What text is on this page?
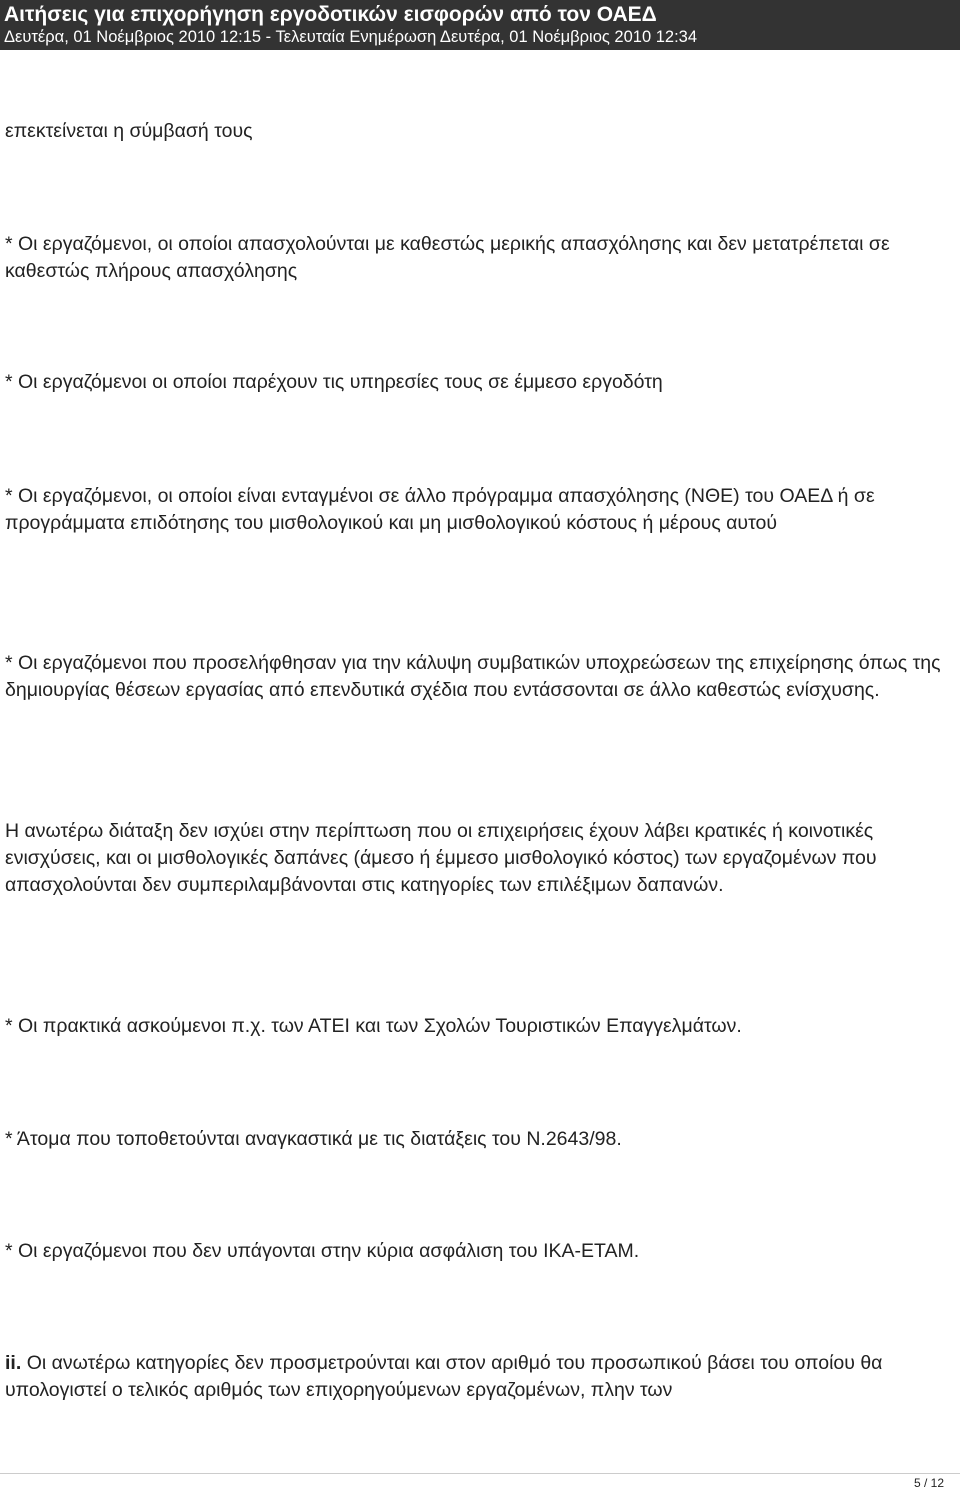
Αιτήσεις για επιχορήγηση εργοδοτικών εισφορών από τον ΟΑΕΔ
Δευτέρα, 01 Νοέμβριος 2010 12:15 - Τελευταία Ενημέρωση Δευτέρα, 01 Νοέμβριος 2010 12:34

επεκτείνεται η σύμβασή τους

* Οι εργαζόμενοι, οι οποίοι απασχολούνται με καθεστώς μερικής απασχόλησης και δεν μετατρέπεται σε καθεστώς πλήρους απασχόλησης

* Οι εργαζόμενοι οι οποίοι παρέχουν τις υπηρεσίες τους σε έμμεσο εργοδότη

* Οι εργαζόμενοι, οι οποίοι είναι ενταγμένοι σε άλλο πρόγραμμα απασχόλησης (ΝΘΕ) του ΟΑΕΔ ή σε προγράμματα επιδότησης του μισθολογικού και μη μισθολογικού κόστους ή μέρους αυτού

* Οι εργαζόμενοι που προσελήφθησαν για την κάλυψη συμβατικών υποχρεώσεων της επιχείρησης όπως της δημιουργίας θέσεων εργασίας από επενδυτικά σχέδια που εντάσσονται σε άλλο καθεστώς ενίσχυσης.

Η ανωτέρω διάταξη δεν ισχύει στην περίπτωση που οι επιχειρήσεις έχουν λάβει κρατικές ή κοινοτικές ενισχύσεις, και οι μισθολογικές δαπάνες (άμεσο ή έμμεσο μισθολογικό κόστος) των εργαζομένων που απασχολούνται δεν συμπεριλαμβάνονται στις κατηγορίες των επιλέξιμων δαπανών.

* Οι πρακτικά ασκούμενοι π.χ. των ΑΤΕΙ και των Σχολών Τουριστικών Επαγγελμάτων.

* Άτομα που τοποθετούνται αναγκαστικά με τις διατάξεις του Ν.2643/98.

* Οι εργαζόμενοι που δεν υπάγονται στην κύρια ασφάλιση του ΙΚΑ-ΕΤΑΜ.

ii. Οι ανωτέρω κατηγορίες δεν προσμετρούνται και στον αριθμό του προσωπικού βάσει του οποίου θα υπολογιστεί ο τελικός αριθμός των επιχορηγούμενων εργαζομένων, πλην των

5 / 12
